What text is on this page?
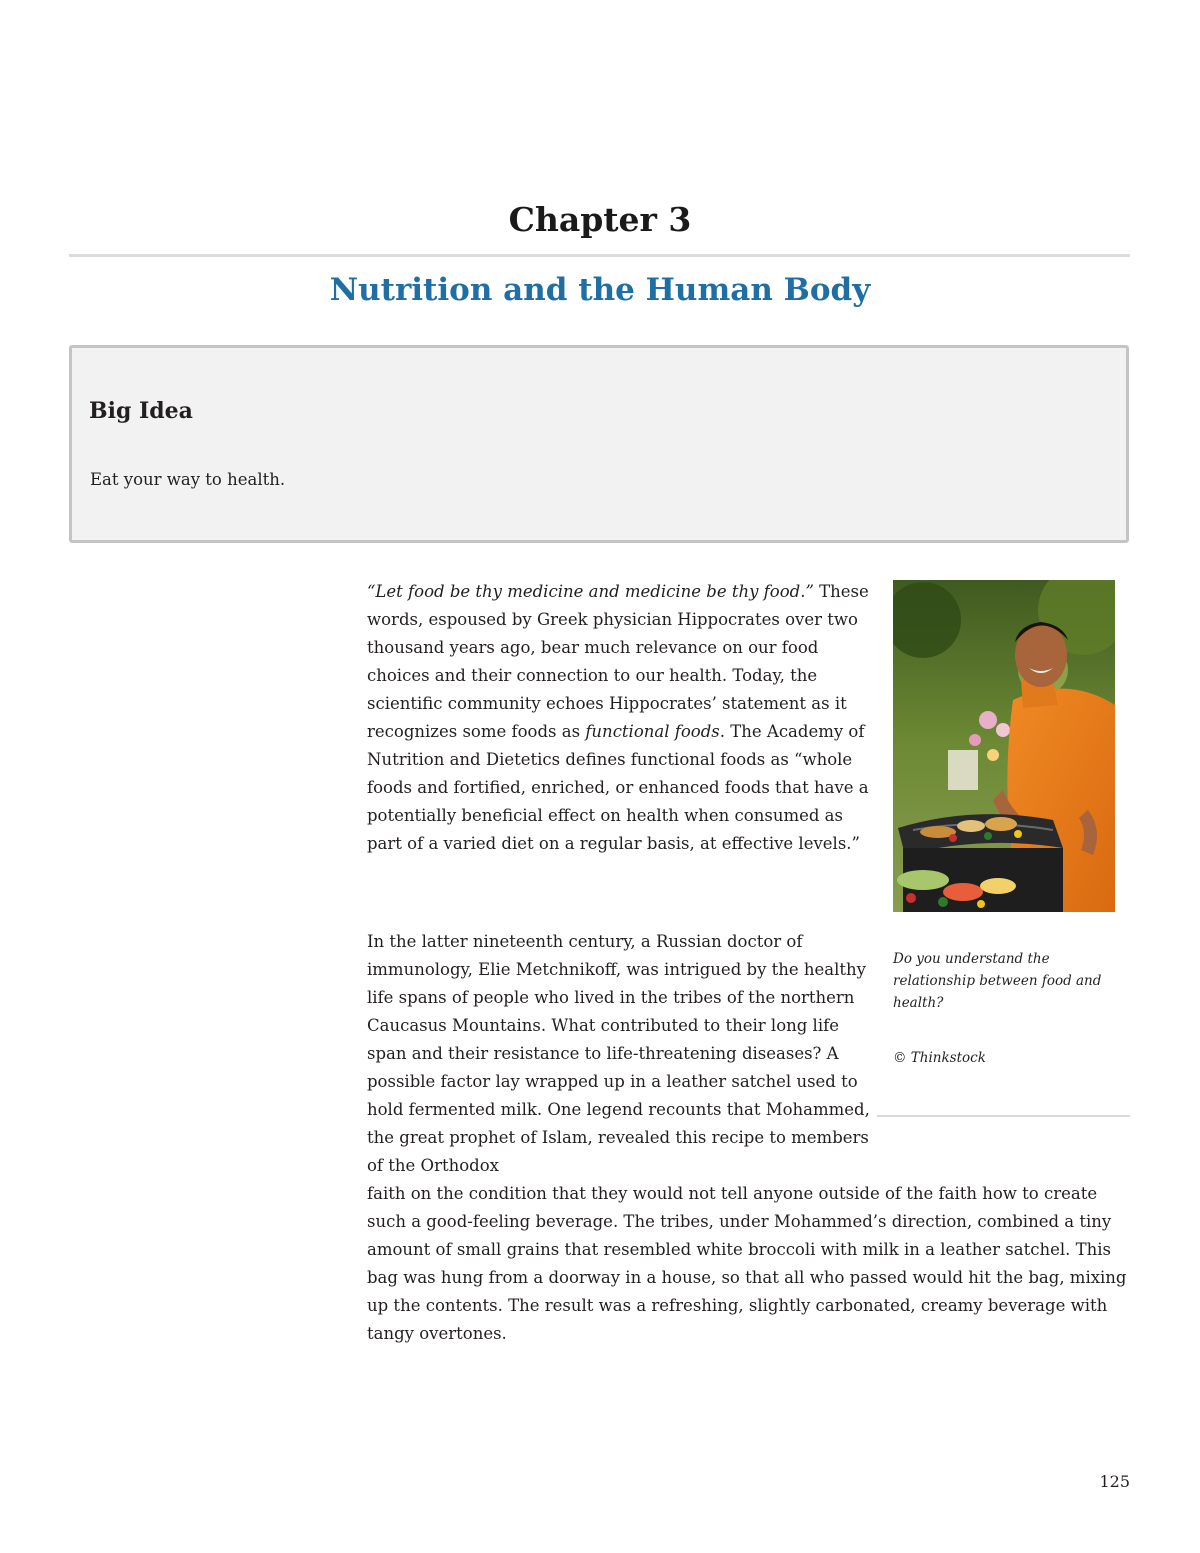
Chapter 3
Nutrition and the Human Body
Big Idea
Eat your way to health.

“Let food be thy medicine and medicine be thy food.” These words, espoused by Greek physician Hippocrates over two thousand years ago, bear much relevance on our food choices and their connection to our health. Today, the scientific community echoes Hippocrates’ statement as it recognizes some foods as functional foods. The Academy of Nutrition and Dietetics defines functional foods as “whole foods and fortified, enriched, or enhanced foods that have a potentially beneficial effect on health when consumed as part of a varied diet on a regular basis, at effective levels.”

In the latter nineteenth century, a Russian doctor of immunology, Elie Metchnikoff, was intrigued by the healthy life spans of people who lived in the tribes of the northern Caucasus Mountains. What contributed to their long life span and their resistance to life-threatening diseases? A possible factor lay wrapped up in a leather satchel used to hold fermented milk. One legend recounts that Mohammed, the great prophet of Islam, revealed this recipe to members of the Orthodox

faith on the condition that they would not tell anyone outside of the faith how to create such a good-feeling beverage. The tribes, under Mohammed’s direction, combined a tiny amount of small grains that resembled white broccoli with milk in a leather satchel. This bag was hung from a doorway in a house, so that all who passed would hit the bag, mixing up the contents. The result was a refreshing, slightly carbonated, creamy beverage with tangy overtones.

Do you understand the relationship between food and health?

© Thinkstock
125
